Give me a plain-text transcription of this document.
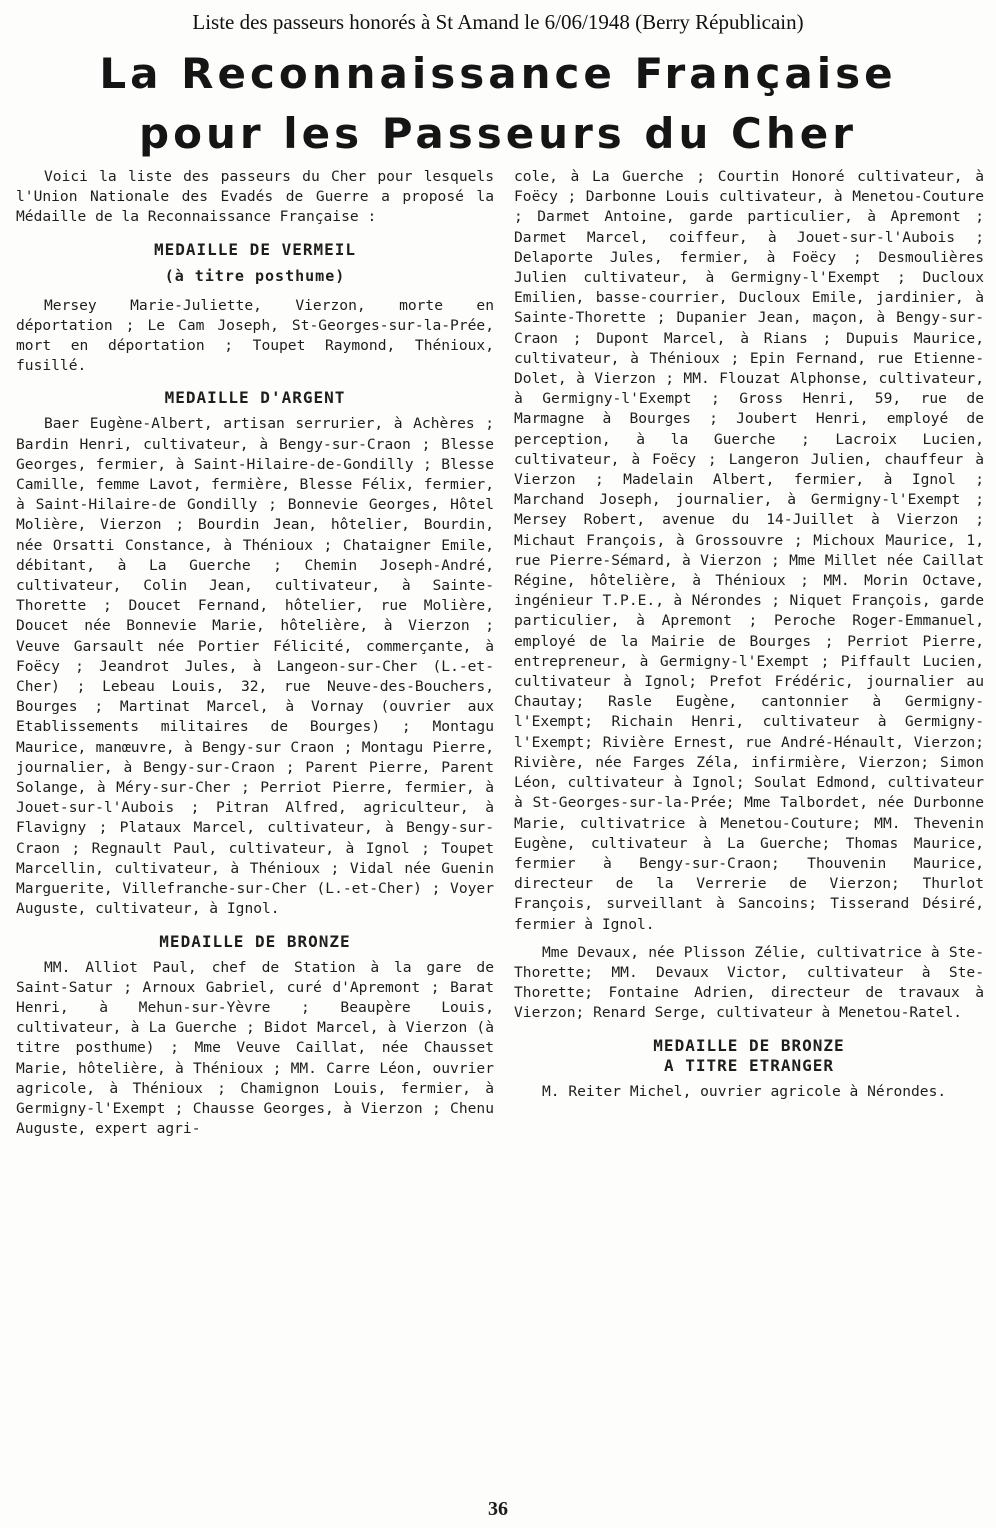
Liste des passeurs honorés à St Amand le 6/06/1948 (Berry Républicain)
La Reconnaissance Française
pour les Passeurs du Cher

Voici la liste des passeurs du Cher pour lesquels l'Union Nationale des Evadés de Guerre a proposé la Médaille de la Reconnaissance Française :

MEDAILLE DE VERMEIL
(à titre posthume)

Mersey Marie-Juliette, Vierzon, morte en déportation ; Le Cam Joseph, St-Georges-sur-la-Prée, mort en déportation ; Toupet Raymond, Thénioux, fusillé.

MEDAILLE D'ARGENT

Baer Eugène-Albert, artisan serrurier, à Achères ; Bardin Henri, cultivateur, à Bengy-sur-Craon ; Blesse Georges, fermier, à Saint-Hilaire-de-Gondilly ; Blesse Camille, femme Lavot, fermière, Blesse Félix, fermier, à Saint-Hilaire-de Gondilly ; Bonnevie Georges, Hôtel Molière, Vierzon ; Bourdin Jean, hôtelier, Bourdin, née Orsatti Constance, à Thénioux ; Chataigner Emile, débitant, à La Guerche ; Chemin Joseph-André, cultivateur, Colin Jean, cultivateur, à Sainte-Thorette ; Doucet Fernand, hôtelier, rue Molière, Doucet née Bonnevie Marie, hôtelière, à Vierzon ; Veuve Garsault née Portier Félicité, commerçante, à Foëcy ; Jeandrot Jules, à Langeon-sur-Cher (L.-et-Cher) ; Lebeau Louis, 32, rue Neuve-des-Bouchers, Bourges ; Martinat Marcel, à Vornay (ouvrier aux Etablissements militaires de Bourges) ; Montagu Maurice, manœuvre, à Bengy-sur Craon ; Montagu Pierre, journalier, à Bengy-sur-Craon ; Parent Pierre, Parent Solange, à Méry-sur-Cher ; Perriot Pierre, fermier, à Jouet-sur-l'Aubois ; Pitran Alfred, agriculteur, à Flavigny ; Plataux Marcel, cultivateur, à Bengy-sur-Craon ; Regnault Paul, cultivateur, à Ignol ; Toupet Marcellin, cultivateur, à Thénioux ; Vidal née Guenin Marguerite, Villefranche-sur-Cher (L.-et-Cher) ; Voyer Auguste, cultivateur, à Ignol.

MEDAILLE DE BRONZE

MM. Alliot Paul, chef de Station à la gare de Saint-Satur ; Arnoux Gabriel, curé d'Apremont ; Barat Henri, à Mehun-sur-Yèvre ; Beaupère Louis, cultivateur, à La Guerche ; Bidot Marcel, à Vierzon (à titre posthume) ; Mme Veuve Caillat, née Chausset Marie, hôtelière, à Thénioux ; MM. Carre Léon, ouvrier agricole, à Thénioux ; Chamignon Louis, fermier, à Germigny-l'Exempt ; Chausse Georges, à Vierzon ; Chenu Auguste, expert agri-

cole, à La Guerche ; Courtin Honoré cultivateur, à Foëcy ; Darbonne Louis cultivateur, à Menetou-Couture ; Darmet Antoine, garde particulier, à Apremont ; Darmet Marcel, coiffeur, à Jouet-sur-l'Aubois ; Delaporte Jules, fermier, à Foëcy ; Desmoulières Julien cultivateur, à Germigny-l'Exempt ; Ducloux Emilien, basse-courrier, Ducloux Emile, jardinier, à Sainte-Thorette ; Dupanier Jean, maçon, à Bengy-sur-Craon ; Dupont Marcel, à Rians ; Dupuis Maurice, cultivateur, à Thénioux ; Epin Fernand, rue Etienne-Dolet, à Vierzon ; MM. Flouzat Alphonse, cultivateur, à Germigny-l'Exempt ; Gross Henri, 59, rue de Marmagne à Bourges ; Joubert Henri, employé de perception, à la Guerche ; Lacroix Lucien, cultivateur, à Foëcy ; Langeron Julien, chauffeur à Vierzon ; Madelain Albert, fermier, à Ignol ; Marchand Joseph, journalier, à Germigny-l'Exempt ; Mersey Robert, avenue du 14-Juillet à Vierzon ; Michaut François, à Grossouvre ; Michoux Maurice, 1, rue Pierre-Sémard, à Vierzon ; Mme Millet née Caillat Régine, hôtelière, à Thénioux ; MM. Morin Octave, ingénieur T.P.E., à Nérondes ; Niquet François, garde particulier, à Apremont ; Peroche Roger-Emmanuel, employé de la Mairie de Bourges ; Perriot Pierre, entrepreneur, à Germigny-l'Exempt ; Piffault Lucien, cultivateur à Ignol; Prefot Frédéric, journalier au Chautay; Rasle Eugène, cantonnier à Germigny-l'Exempt; Richain Henri, cultivateur à Germigny-l'Exempt; Rivière Ernest, rue André-Hénault, Vierzon; Rivière, née Farges Zéla, infirmière, Vierzon; Simon Léon, cultivateur à Ignol; Soulat Edmond, cultivateur à St-Georges-sur-la-Prée; Mme Talbordet, née Durbonne Marie, cultivatrice à Menetou-Couture; MM. Thevenin Eugène, cultivateur à La Guerche; Thomas Maurice, fermier à Bengy-sur-Craon; Thouvenin Maurice, directeur de la Verrerie de Vierzon; Thurlot François, surveillant à Sancoins; Tisserand Désiré, fermier à Ignol.

Mme Devaux, née Plisson Zélie, cultivatrice à Ste-Thorette; MM. Devaux Victor, cultivateur à Ste-Thorette; Fontaine Adrien, directeur de travaux à Vierzon; Renard Serge, cultivateur à Menetou-Ratel.

MEDAILLE DE BRONZE
A TITRE ETRANGER

M. Reiter Michel, ouvrier agricole à Nérondes.

36
